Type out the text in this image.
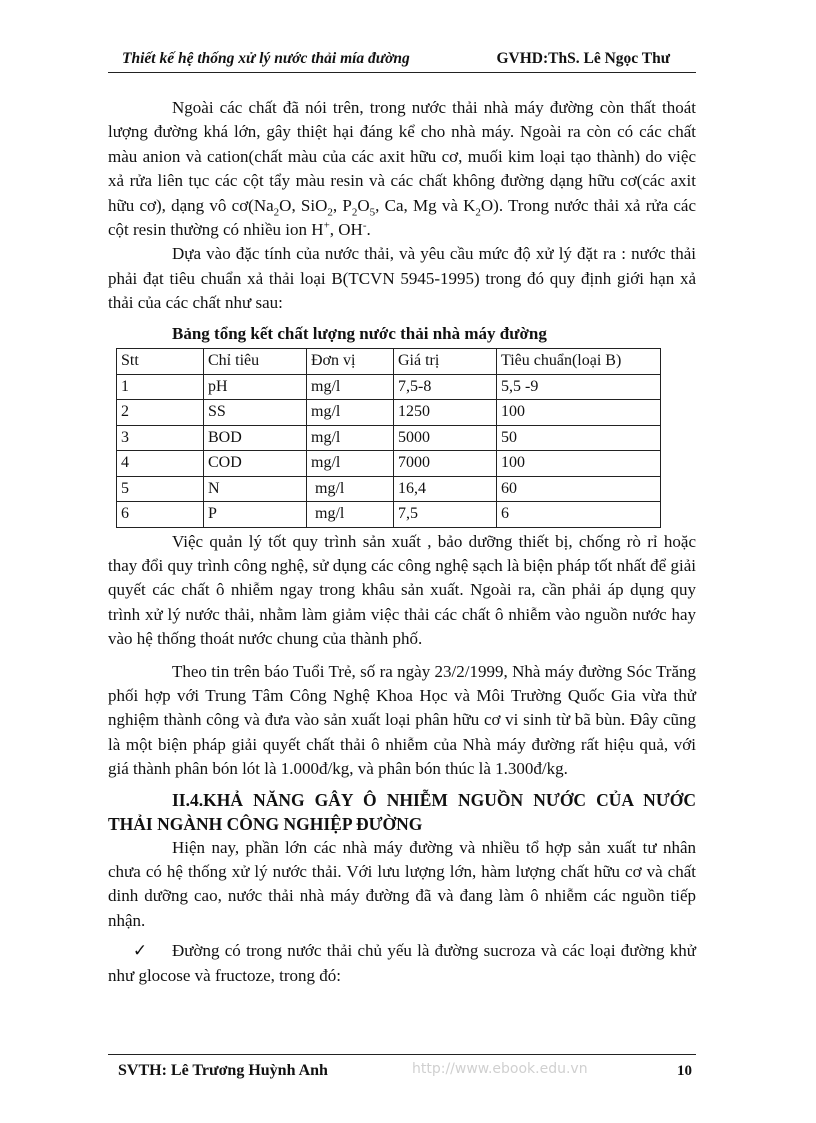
Thiết kế hệ thống xử lý nước thải mía đường	GVHD:ThS. Lê Ngọc Thư

Ngoài các chất đã nói trên, trong nước thải nhà máy đường còn thất thoát lượng đường khá lớn, gây thiệt hại đáng kể cho nhà máy. Ngoài ra còn có các chất màu anion và cation(chất màu của các axit hữu cơ, muối kim loại tạo thành) do việc xả rửa liên tục các cột tẩy màu resin và các chất không đường dạng hữu cơ(các axit hữu cơ), dạng vô $cơ(Na_2O$, SiO$_2$, $P_2O_5$, Ca, Mg và $K_2O$). Trong nước thải xả rửa các cột resin thường có nhiều ion H+, OH-.

Dựa vào đặc tính của nước thải, và yêu cầu mức độ xử lý đặt ra : nước thải phải đạt tiêu chuẩn xả thải loại B(TCVN 5945-1995) trong đó quy định giới hạn xả thải của các chất như sau:

Bảng tổng kết chất lượng nước thải nhà máy đường

Stt	Chỉ tiêu	Đơn vị	Giá trị	Tiêu chuẩn(loại B)
1	pH	mg/l	7,5-8	5,5 -9
2	SS	mg/l	1250	100
3	BOD	mg/l	5000	50
4	COD	mg/l	7000	100
5	N	mg/l	16,4	60
6	P	mg/l	7,5	6

Việc quản lý tốt quy trình sản xuất , bảo dưỡng thiết bị, chống rò rỉ hoặc thay đổi quy trình công nghệ, sử dụng các công nghệ sạch là biện pháp tốt nhất để giải quyết các chất ô nhiễm ngay trong khâu sản xuất. Ngoài ra, cần phải áp dụng quy trình xử lý nước thải, nhằm làm giảm việc thải các chất ô nhiễm vào nguồn nước hay vào hệ thống thoát nước chung của thành phố.

Theo tin trên báo Tuổi Trẻ, số ra ngày 23/2/1999, Nhà máy đường Sóc Trăng phối hợp với Trung Tâm Công Nghệ Khoa Học và Môi Trường Quốc Gia vừa thử nghiệm thành công và đưa vào sản xuất loại phân hữu cơ vi sinh từ bã bùn. Đây cũng là một biện pháp giải quyết chất thải ô nhiễm của Nhà máy đường rất hiệu quả, với giá thành phân bón lót là 1.000đ/kg, và phân bón thúc là 1.300đ/kg.

II.4.KHẢ NĂNG GÂY Ô NHIỄM NGUỒN NƯỚC CỦA NƯỚC THẢI NGÀNH CÔNG NGHIỆP ĐƯỜNG

Hiện nay, phần lớn các nhà máy đường và nhiều tổ hợp sản xuất tư nhân chưa có hệ thống xử lý nước thải. Với lưu lượng lớn, hàm lượng chất hữu cơ và chất dinh dưỡng cao, nước thải nhà máy đường đã và đang làm ô nhiễm các nguồn tiếp nhận.

✓ Đường có trong nước thải chủ yếu là đường sucroza và các loại đường khử như glocose và fructoze, trong đó:

SVTH: Lê Trương Huỳnh Anh	http://www.ebook.edu.vn	10
